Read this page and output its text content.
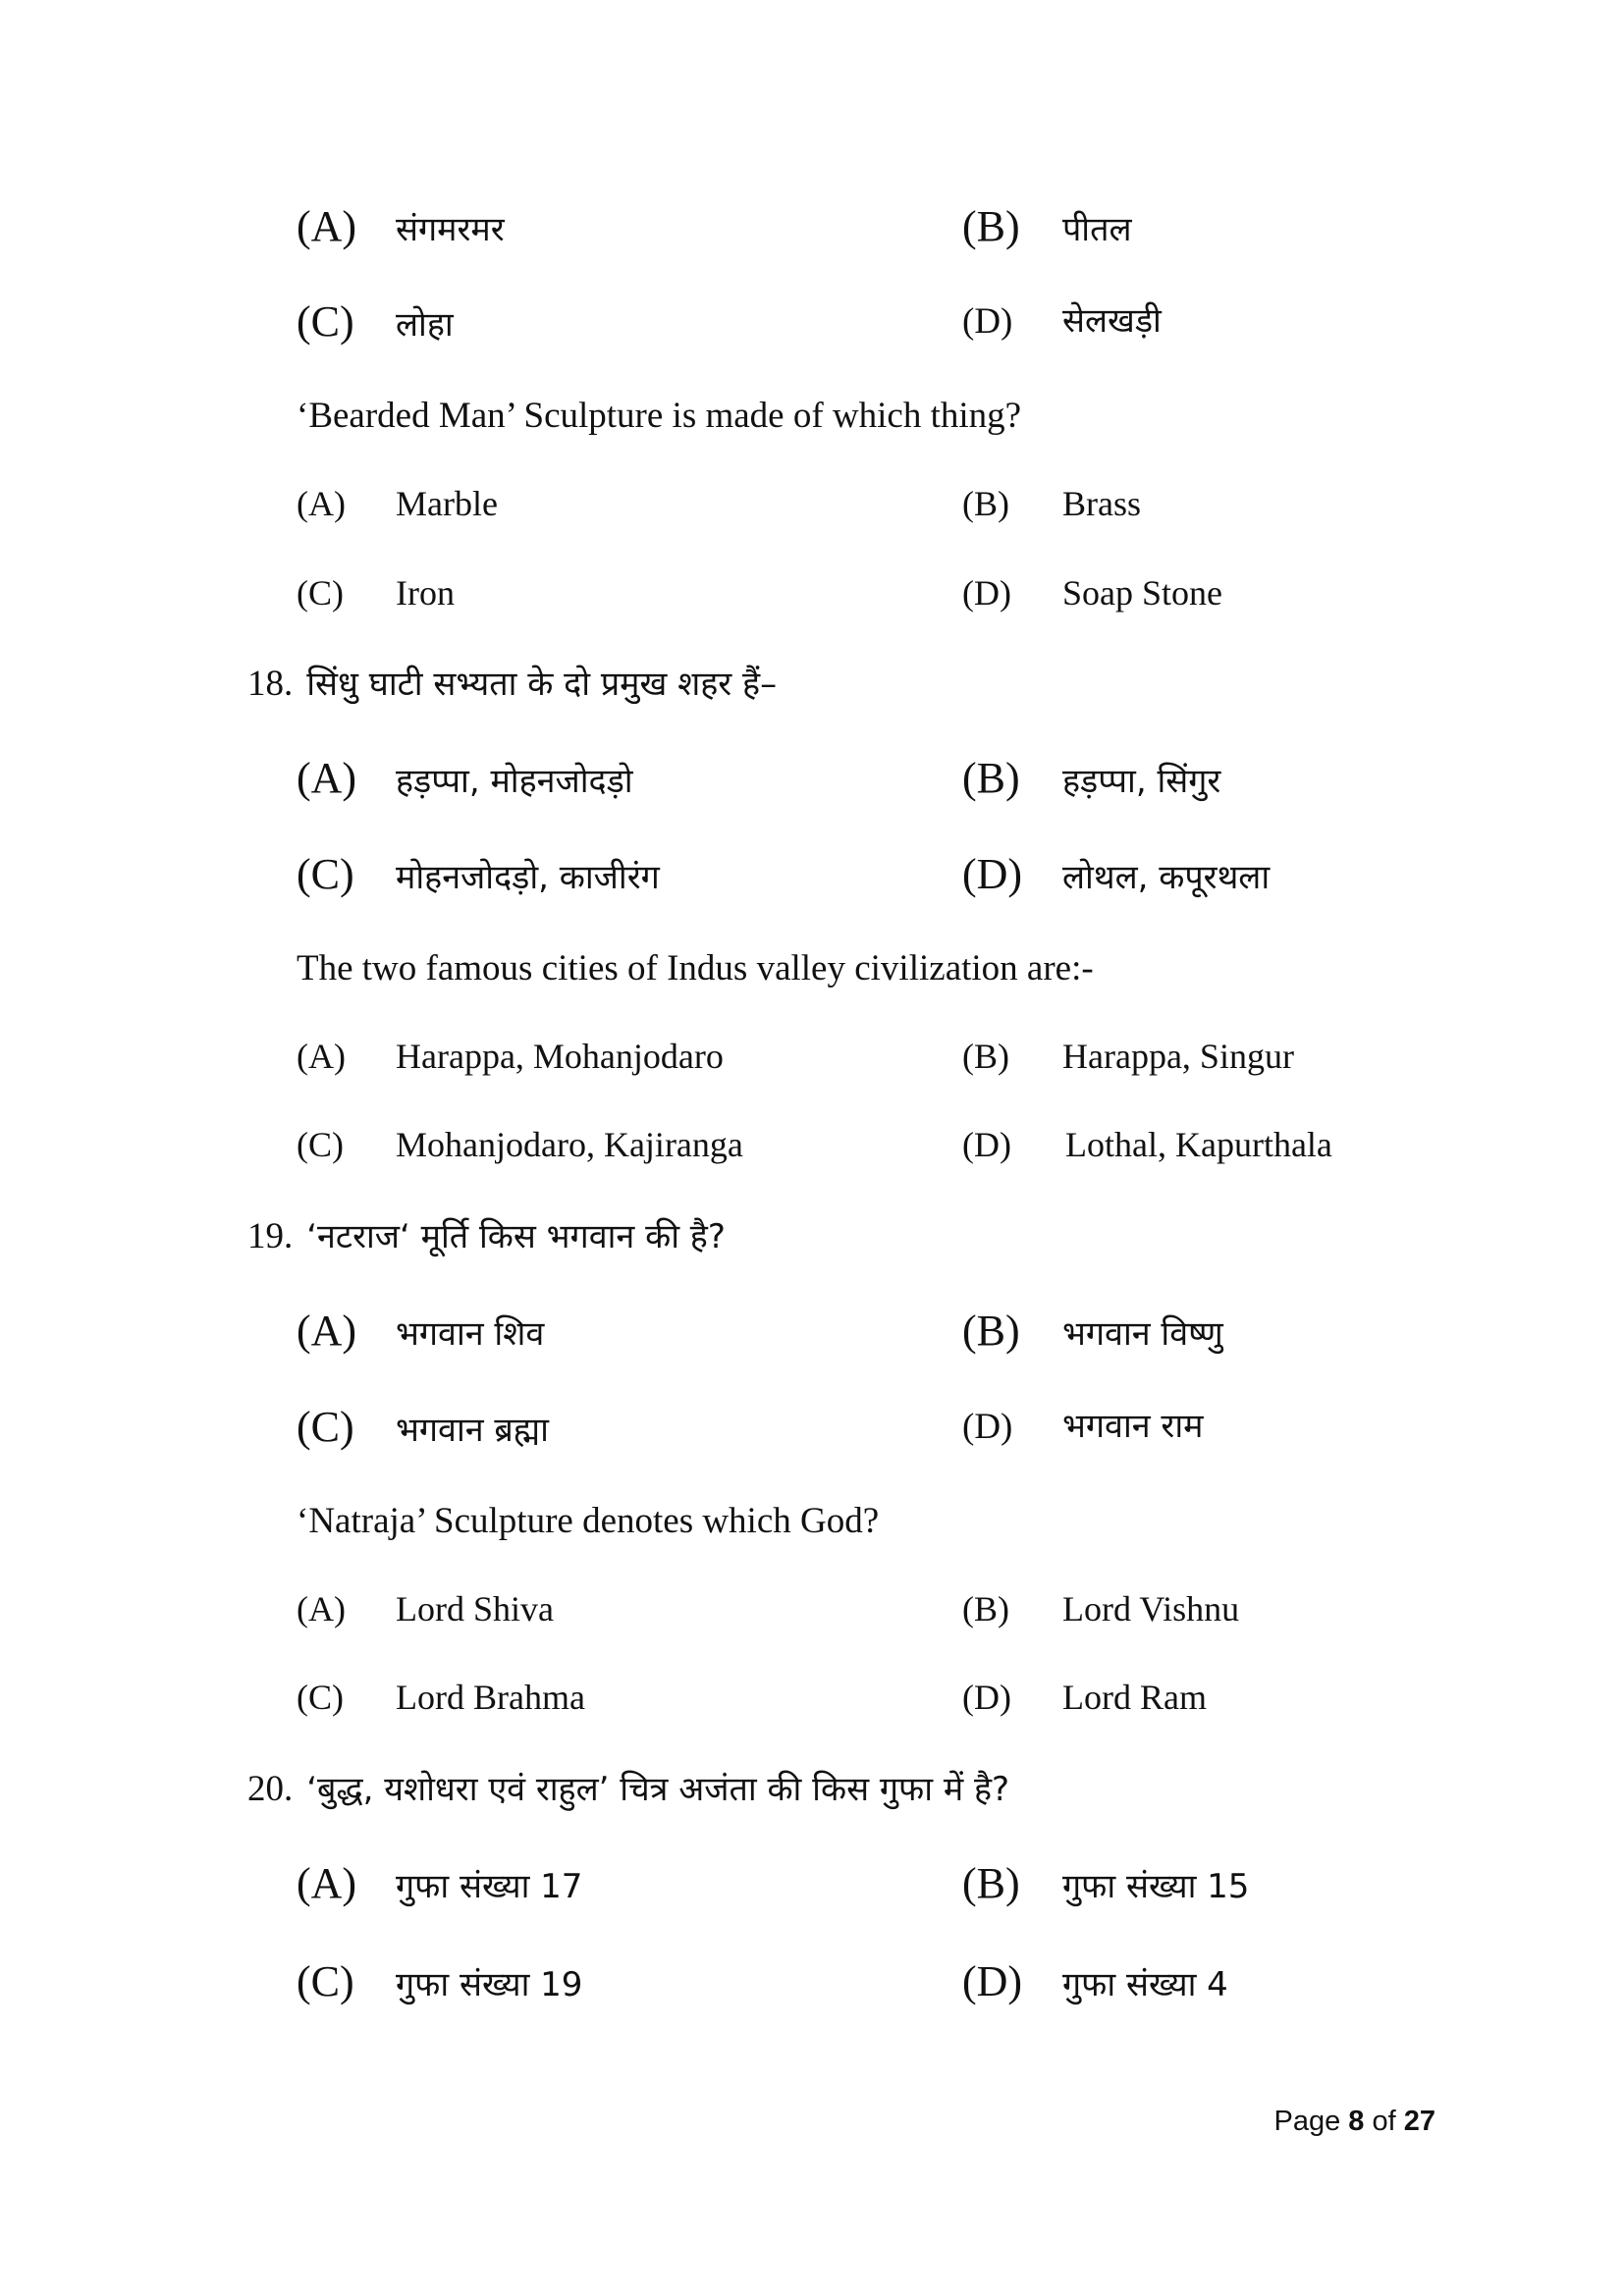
(A) संगमरमर	(B) पीतल
(C) लोहा	(D) सेलखड़ी
‘Bearded Man’ Sculpture is made of which thing?
(A) Marble	(B) Brass
(C) Iron	(D) Soap Stone
18. सिंधु घाटी सभ्यता के दो प्रमुख शहर हैं–
(A) हड़प्पा, मोहनजोदड़ो	(B) हड़प्पा, सिंगुर
(C) मोहनजोदड़ो, काजीरंग	(D) लोथल, कपूरथला
The two famous cities of Indus valley civilization are:-
(A) Harappa, Mohanjodaro	(B) Harappa, Singur
(C) Mohanjodaro, Kajiranga	(D) Lothal, Kapurthala
19. ‘नटराज‘ मूर्ति किस भगवान की है?
(A) भगवान शिव	(B) भगवान विष्णु
(C) भगवान ब्रह्मा	(D) भगवान राम
‘Natraja’ Sculpture denotes which God?
(A) Lord Shiva	(B) Lord Vishnu
(C) Lord Brahma	(D) Lord Ram
20. ‘बुद्ध, यशोधरा एवं राहुल’ चित्र अजंता की किस गुफा में है?
(A) गुफा संख्या 17	(B) गुफा संख्या 15
(C) गुफा संख्या 19	(D) गुफा संख्या 4
Page 8 of 27
